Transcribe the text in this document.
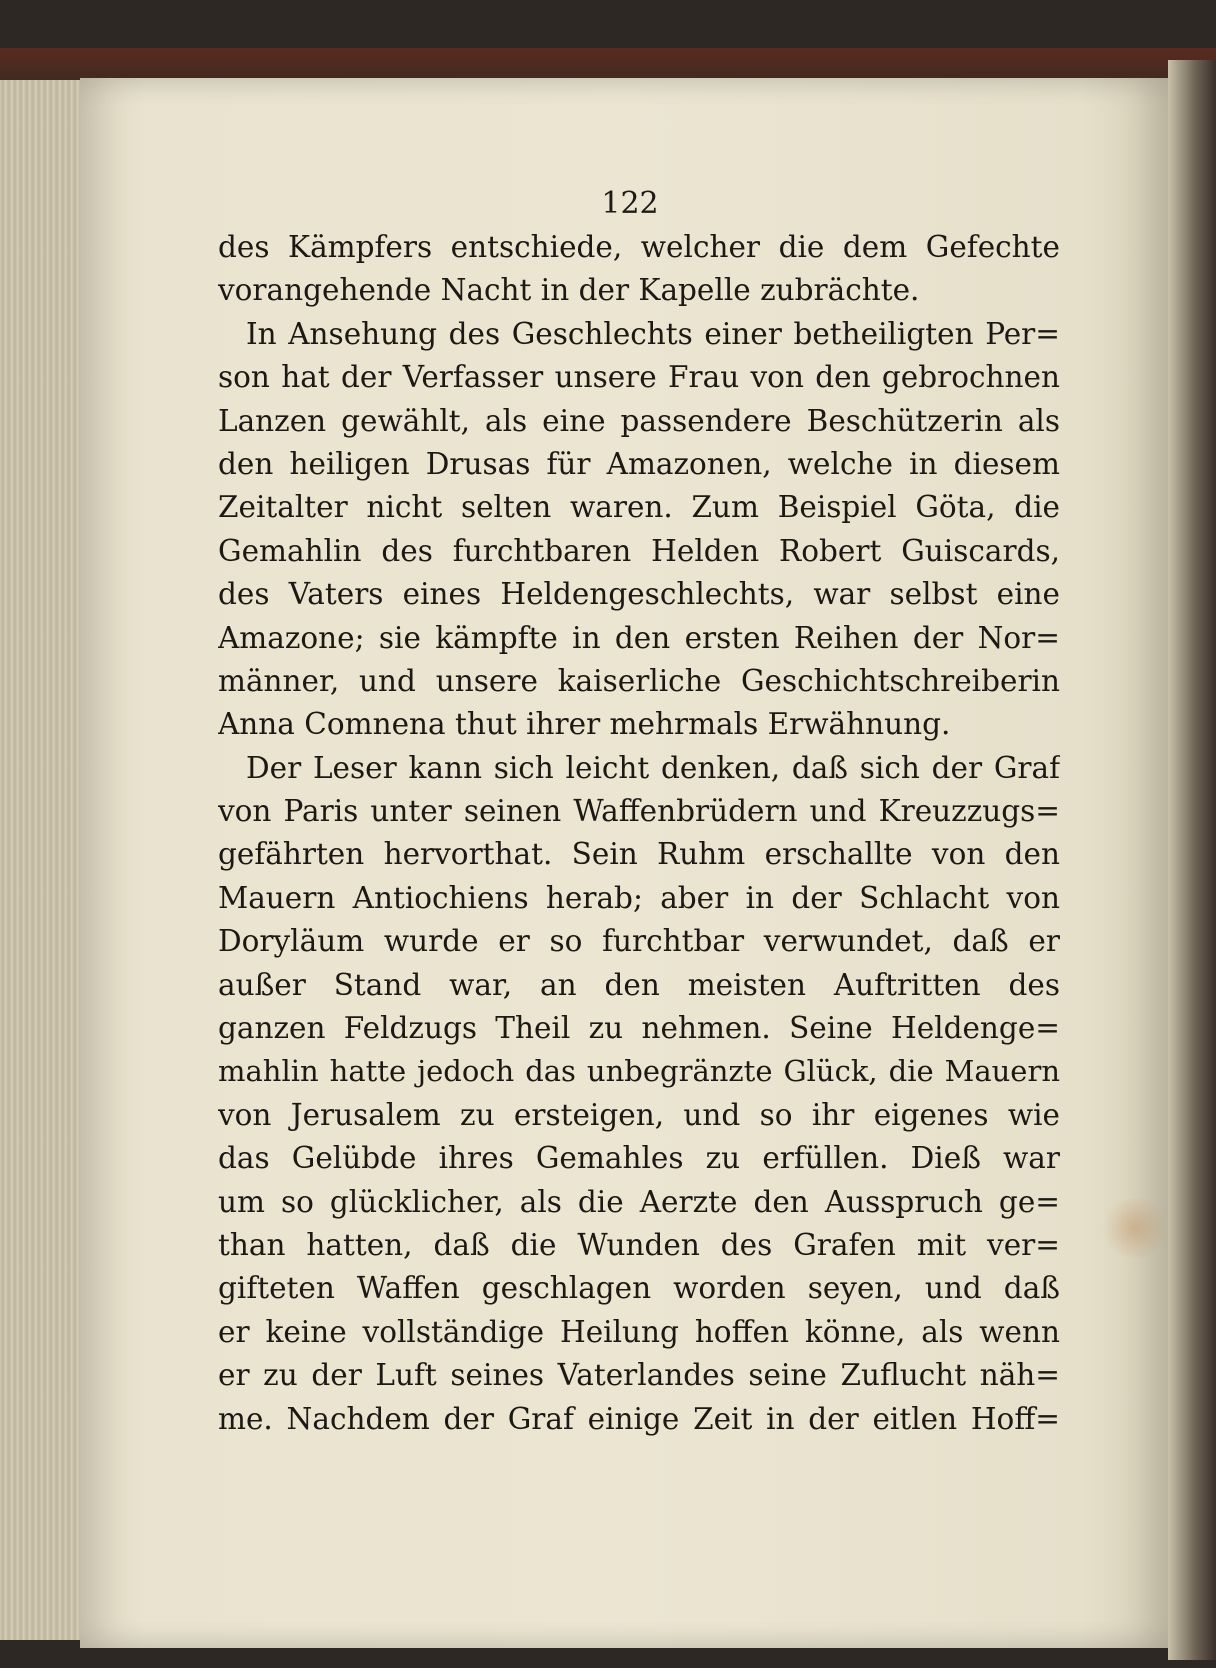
122
des Kämpfers entschiede, welcher die dem Gefechte
vorangehende Nacht in der Kapelle zubrächte.
In Ansehung des Geschlechts einer betheiligten Per=
son hat der Verfasser unsere Frau von den gebrochnen
Lanzen gewählt, als eine passendere Beschützerin als
den heiligen Drusas für Amazonen, welche in diesem
Zeitalter nicht selten waren. Zum Beispiel Göta, die
Gemahlin des furchtbaren Helden Robert Guiscards,
des Vaters eines Heldengeschlechts, war selbst eine
Amazone; sie kämpfte in den ersten Reihen der Nor=
männer, und unsere kaiserliche Geschichtschreiberin
Anna Comnena thut ihrer mehrmals Erwähnung.
Der Leser kann sich leicht denken, daß sich der Graf
von Paris unter seinen Waffenbrüdern und Kreuzzugs=
gefährten hervorthat. Sein Ruhm erschallte von den
Mauern Antiochiens herab; aber in der Schlacht von
Doryläum wurde er so furchtbar verwundet, daß er
außer Stand war, an den meisten Auftritten des
ganzen Feldzugs Theil zu nehmen. Seine Heldenge=
mahlin hatte jedoch das unbegränzte Glück, die Mauern
von Jerusalem zu ersteigen, und so ihr eigenes wie
das Gelübde ihres Gemahles zu erfüllen. Dieß war
um so glücklicher, als die Aerzte den Ausspruch ge=
than hatten, daß die Wunden des Grafen mit ver=
gifteten Waffen geschlagen worden seyen, und daß
er keine vollständige Heilung hoffen könne, als wenn
er zu der Luft seines Vaterlandes seine Zuflucht näh=
me. Nachdem der Graf einige Zeit in der eitlen Hoff=
